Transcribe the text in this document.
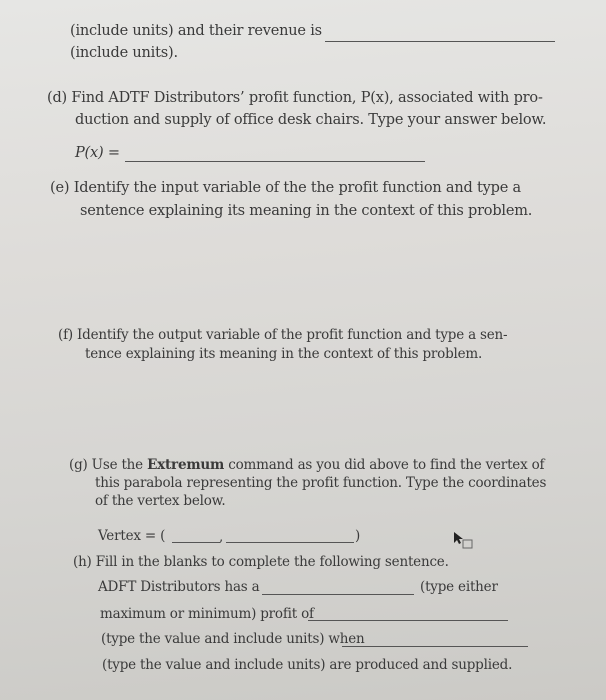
(include units) and their revenue is
(include units).
(d) Find ADTF Distributors’ profit function, P(x), associated with pro-
duction and supply of office desk chairs. Type your answer below.
P(x) =
(e) Identify the input variable of the the profit function and type a
sentence explaining its meaning in the context of this problem.
(f) Identify the output variable of the profit function and type a sen-
tence explaining its meaning in the context of this problem.
(g) Use the Extremum command as you did above to find the vertex of
this parabola representing the profit function. Type the coordinates
of the vertex below.
Vertex = (	,	)
(h) Fill in the blanks to complete the following sentence.
ADFT Distributors has a	(type either
maximum or minimum) profit of
(type the value and include units) when
(type the value and include units) are produced and supplied.
